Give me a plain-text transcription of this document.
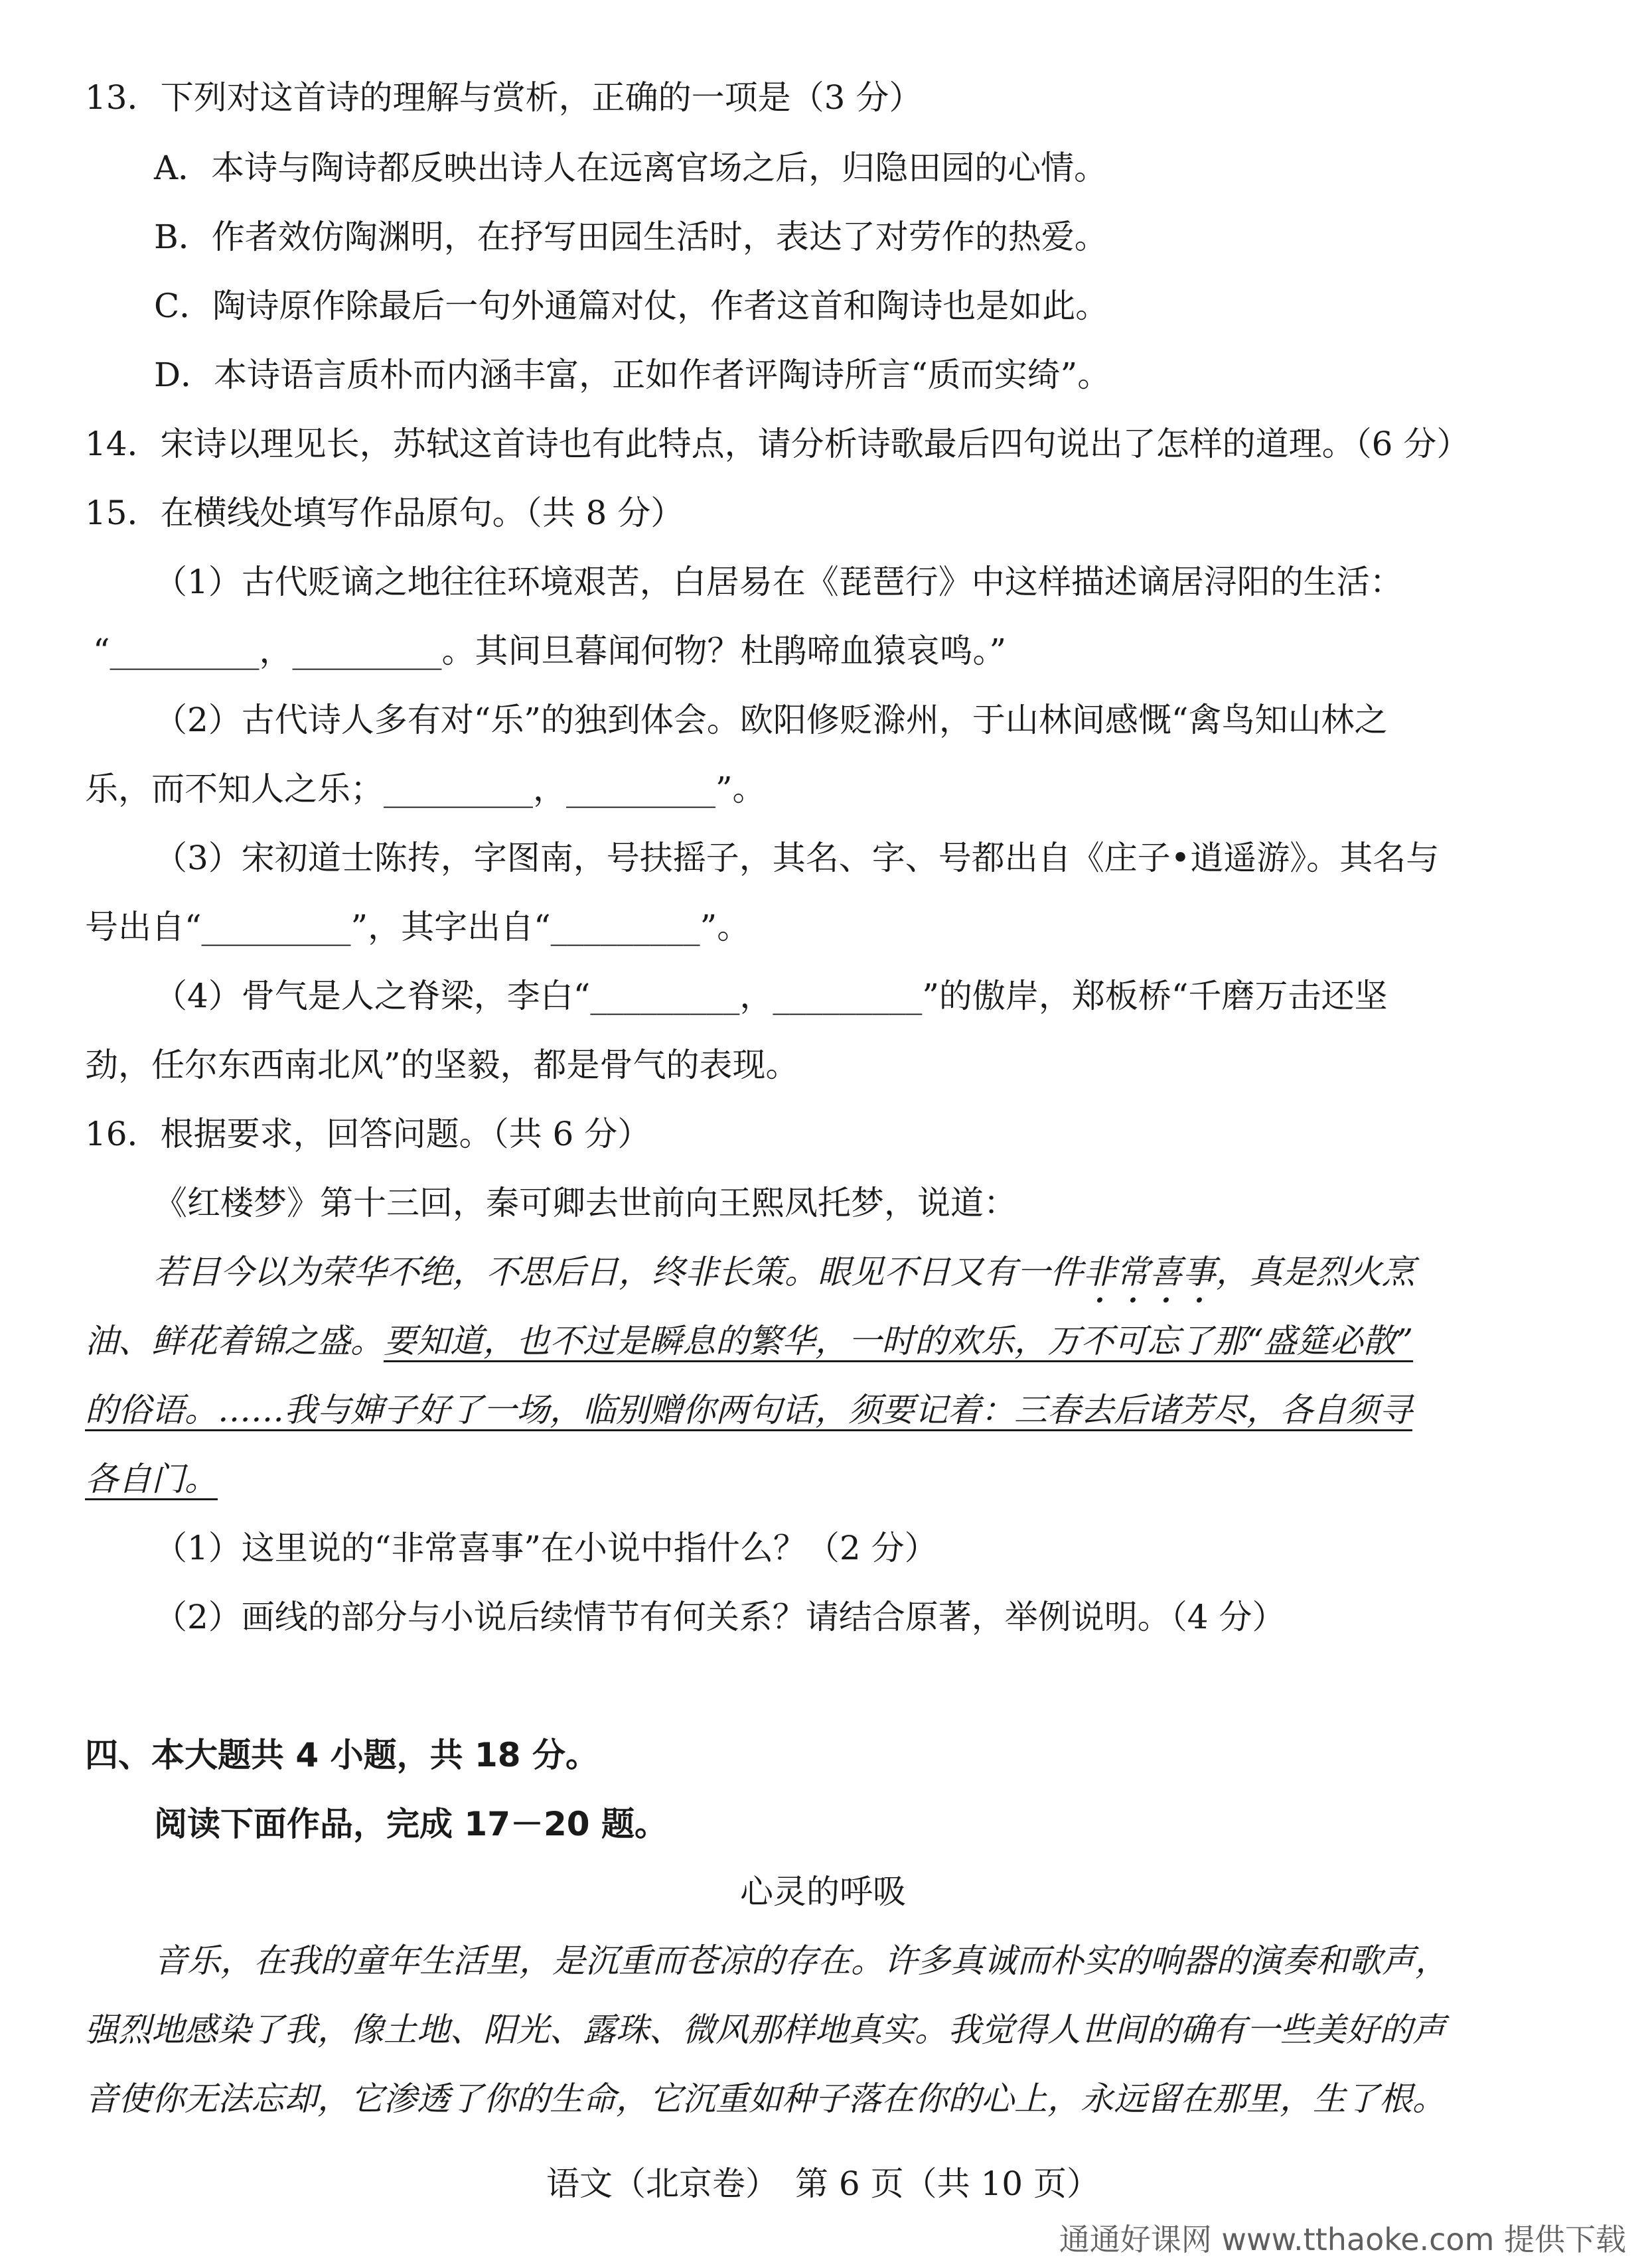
13．下列对这首诗的理解与赏析，正确的一项是（3 分）
A．本诗与陶诗都反映出诗人在远离官场之后，归隐田园的心情。
B．作者效仿陶渊明，在抒写田园生活时，表达了对劳作的热爱。
C．陶诗原作除最后一句外通篇对仗，作者这首和陶诗也是如此。
D．本诗语言质朴而内涵丰富，正如作者评陶诗所言“质而实绮”。
14．宋诗以理见长，苏轼这首诗也有此特点，请分析诗歌最后四句说出了怎样的道理。（6 分）
15．在横线处填写作品原句。（共 8 分）
（1）古代贬谪之地往往环境艰苦，白居易在《琵琶行》中这样描述谪居浔阳的生活：
“_________，_________。其间旦暮闻何物？杜鹃啼血猿哀鸣。”
（2）古代诗人多有对“乐”的独到体会。欧阳修贬滁州，于山林间感慨“禽鸟知山林之
乐，而不知人之乐；_________，_________”。
（3）宋初道士陈抟，字图南，号扶摇子，其名、字、号都出自《庄子•逍遥游》。其名与
号出自“_________”，其字出自“_________”。
（4）骨气是人之脊梁，李白“_________，_________”的傲岸，郑板桥“千磨万击还坚
劲，任尔东西南北风”的坚毅，都是骨气的表现。
16．根据要求，回答问题。（共 6 分）
《红楼梦》第十三回，秦可卿去世前向王熙凤托梦，说道：
若目今以为荣华不绝，不思后日，终非长策。眼见不日又有一件非常喜事，真是烈火烹
油、鲜花着锦之盛。要知道，也不过是瞬息的繁华，一时的欢乐，万不可忘了那“盛筵必散”
的俗语。……我与婶子好了一场，临别赠你两句话，须要记着：三春去后诸芳尽，各自须寻
各自门。
（1）这里说的“非常喜事”在小说中指什么？（2 分）
（2）画线的部分与小说后续情节有何关系？请结合原著，举例说明。（4 分）
四、本大题共 4 小题，共 18 分。
阅读下面作品，完成 17－20 题。
心灵的呼吸
音乐，在我的童年生活里，是沉重而苍凉的存在。许多真诚而朴实的响器的演奏和歌声，
强烈地感染了我，像土地、阳光、露珠、微风那样地真实。我觉得人世间的确有一些美好的声
音使你无法忘却，它渗透了你的生命，它沉重如种子落在你的心上，永远留在那里，生了根。
语文（北京卷）　第 6 页（共 10 页）
通通好课网 www.tthaoke.com 提供下载
